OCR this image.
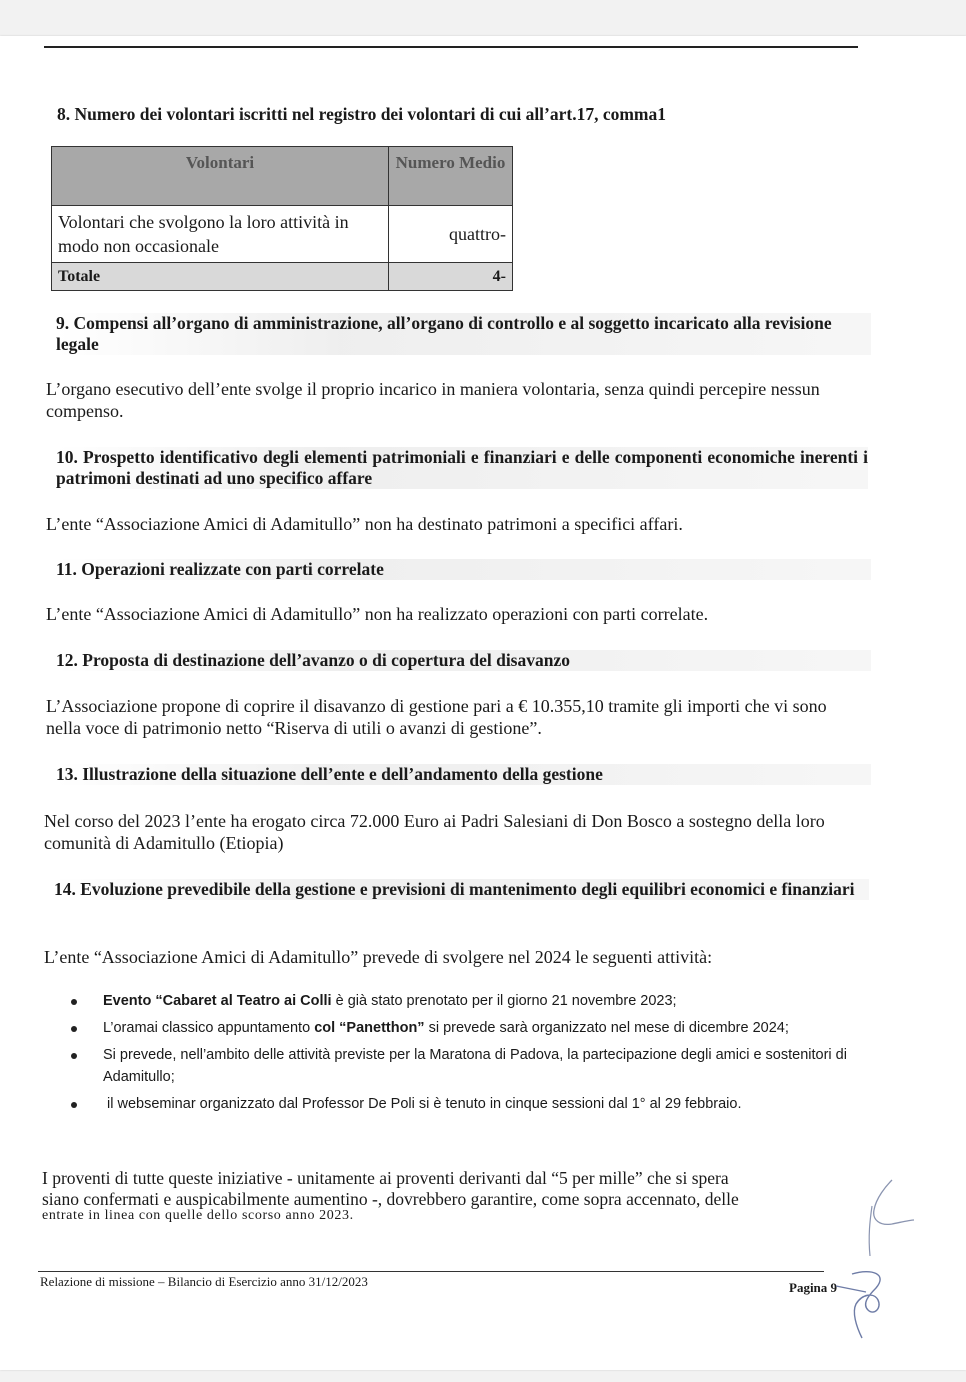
8. Numero dei volontari iscritti nel registro dei volontari di cui all’art.17, comma1
Volontari	Numero Medio
Volontari che svolgono la loro attività in modo non occasionale	quattro-
Totale	4-
9. Compensi all’organo di amministrazione, all’organo di controllo e al soggetto incaricato alla revisione legale
L’organo esecutivo dell’ente svolge il proprio incarico in maniera volontaria, senza quindi percepire nessun compenso.
10. Prospetto identificativo degli elementi patrimoniali e finanziari e delle componenti economiche inerenti i patrimoni destinati ad uno specifico affare
L’ente “Associazione Amici di Adamitullo” non ha destinato patrimoni a specifici affari.
11. Operazioni realizzate con parti correlate
L’ente “Associazione Amici di Adamitullo” non ha realizzato operazioni con parti correlate.
12. Proposta di destinazione dell’avanzo o di copertura del disavanzo
L’Associazione propone di coprire il disavanzo di gestione pari a € 10.355,10 tramite gli importi che vi sono nella voce di patrimonio netto “Riserva di utili o avanzi di gestione”.
13. Illustrazione della situazione dell’ente e dell’andamento della gestione
Nel corso del 2023 l’ente ha erogato circa 72.000 Euro ai Padri Salesiani di Don Bosco a sostegno della loro comunità di Adamitullo (Etiopia)
14. Evoluzione prevedibile della gestione e previsioni di mantenimento degli equilibri economici e finanziari
L’ente “Associazione Amici di Adamitullo” prevede di svolgere nel 2024 le seguenti attività:
Evento “Cabaret al Teatro ai Colli è già stato prenotato per il giorno 21 novembre 2023;
L’oramai classico appuntamento col “Panetthon” si prevede sarà organizzato nel mese di dicembre 2024;
Si prevede, nell’ambito delle attività previste per la Maratona di Padova, la partecipazione degli amici e sostenitori di Adamitullo;
il webseminar organizzato dal Professor De Poli si è tenuto in cinque sessioni dal 1° al 29 febbraio.
I proventi di tutte queste iniziative - unitamente ai proventi derivanti dal “5 per mille” che si spera
siano confermati e auspicabilmente aumentino -, dovrebbero garantire, come sopra accennato, delle
entrate in linea con quelle dello scorso anno 2023.
Relazione di missione – Bilancio di Esercizio anno 31/12/2023	Pagina 9
